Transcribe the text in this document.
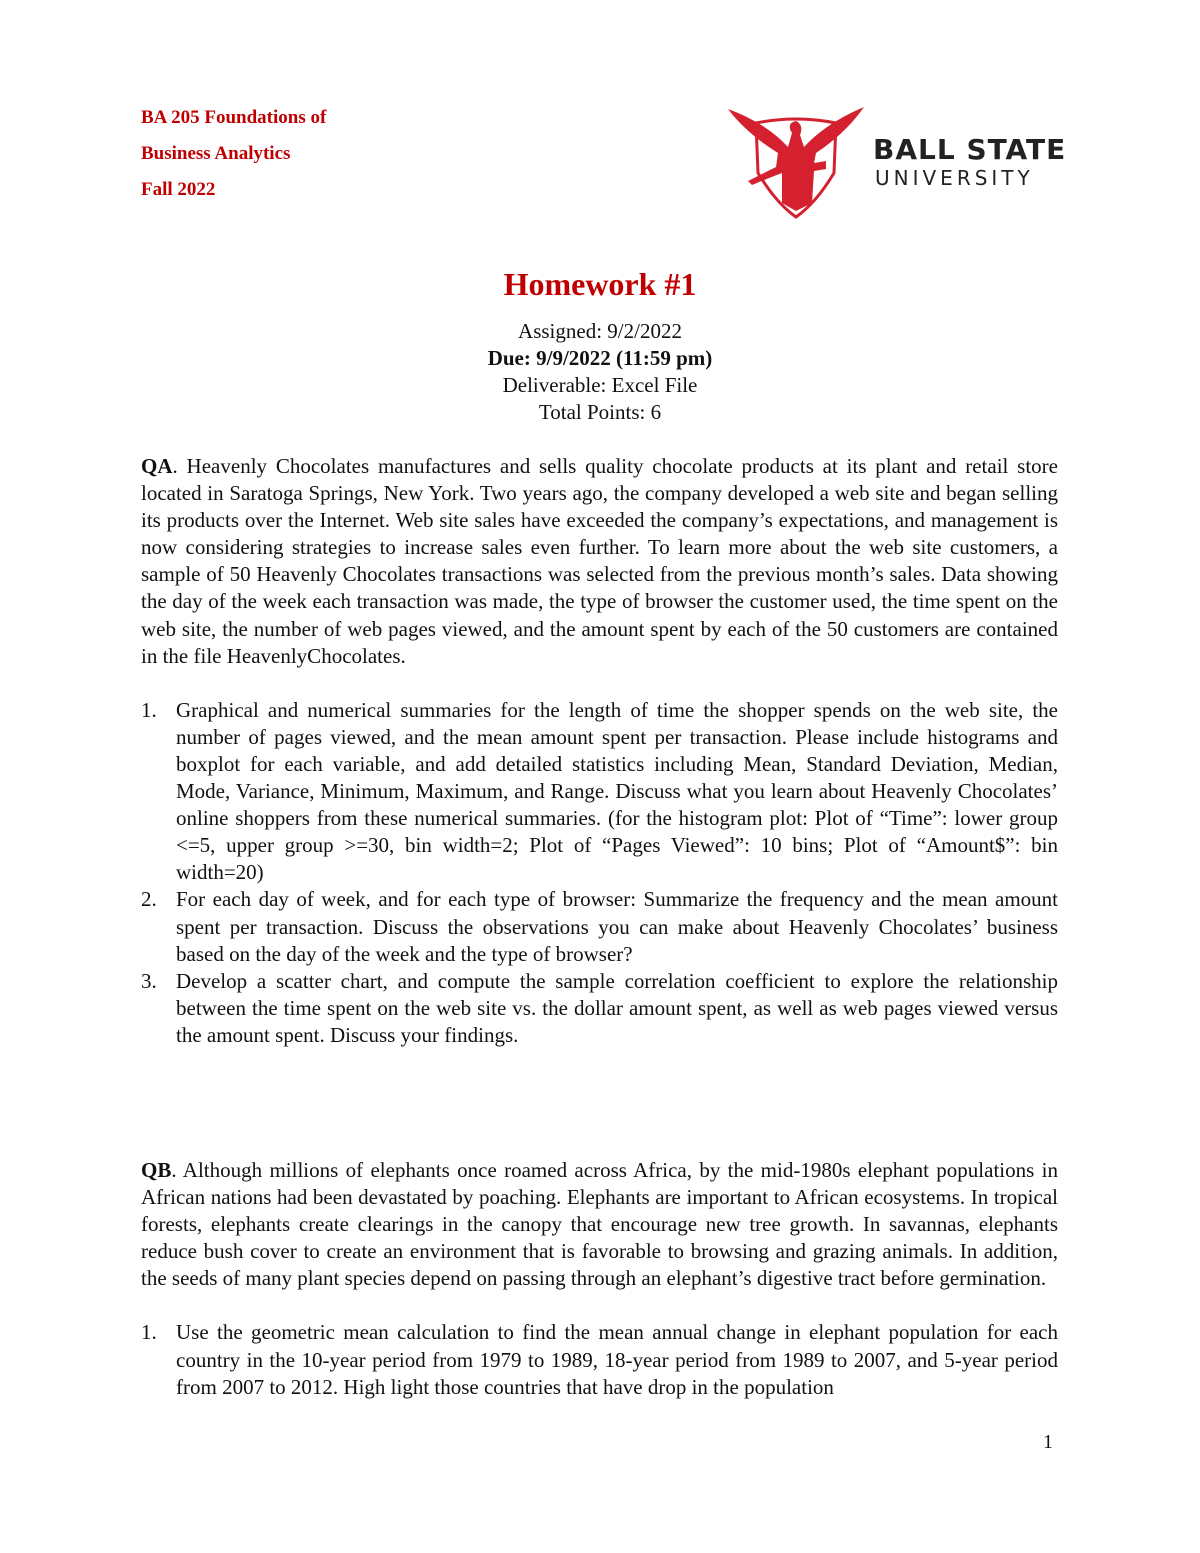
BA 205 Foundations of
Business Analytics
Fall 2022
BALL STATE
UNIVERSITY
Homework #1
Assigned: 9/2/2022
Due: 9/9/2022 (11:59 pm)
Deliverable: Excel File
Total Points: 6

QA. Heavenly Chocolates manufactures and sells quality chocolate products at its plant and retail store located in Saratoga Springs, New York. Two years ago, the company developed a web site and began selling its products over the Internet. Web site sales have exceeded the company’s expectations, and management is now considering strategies to increase sales even further. To learn more about the web site customers, a sample of 50 Heavenly Chocolates transactions was selected from the previous month’s sales. Data showing the day of the week each transaction was made, the type of browser the customer used, the time spent on the web site, the number of web pages viewed, and the amount spent by each of the 50 customers are contained in the file HeavenlyChocolates.

1. Graphical and numerical summaries for the length of time the shopper spends on the web site, the number of pages viewed, and the mean amount spent per transaction. Please include histograms and boxplot for each variable, and add detailed statistics including Mean, Standard Deviation, Median, Mode, Variance, Minimum, Maximum, and Range. Discuss what you learn about Heavenly Chocolates’ online shoppers from these numerical summaries. (for the histogram plot: Plot of “Time”: lower group <=5, upper group >=30, bin width=2; Plot of “Pages Viewed”: 10 bins; Plot of “Amount$”: bin width=20)
2. For each day of week, and for each type of browser: Summarize the frequency and the mean amount spent per transaction. Discuss the observations you can make about Heavenly Chocolates’ business based on the day of the week and the type of browser?
3. Develop a scatter chart, and compute the sample correlation coefficient to explore the relationship between the time spent on the web site vs. the dollar amount spent, as well as web pages viewed versus the amount spent. Discuss your findings.

QB. Although millions of elephants once roamed across Africa, by the mid-1980s elephant populations in African nations had been devastated by poaching. Elephants are important to African ecosystems. In tropical forests, elephants create clearings in the canopy that encourage new tree growth. In savannas, elephants reduce bush cover to create an environment that is favorable to browsing and grazing animals. In addition, the seeds of many plant species depend on passing through an elephant’s digestive tract before germination.

1. Use the geometric mean calculation to find the mean annual change in elephant population for each country in the 10-year period from 1979 to 1989, 18-year period from 1989 to 2007, and 5-year period from 2007 to 2012. High light those countries that have drop in the population
1
